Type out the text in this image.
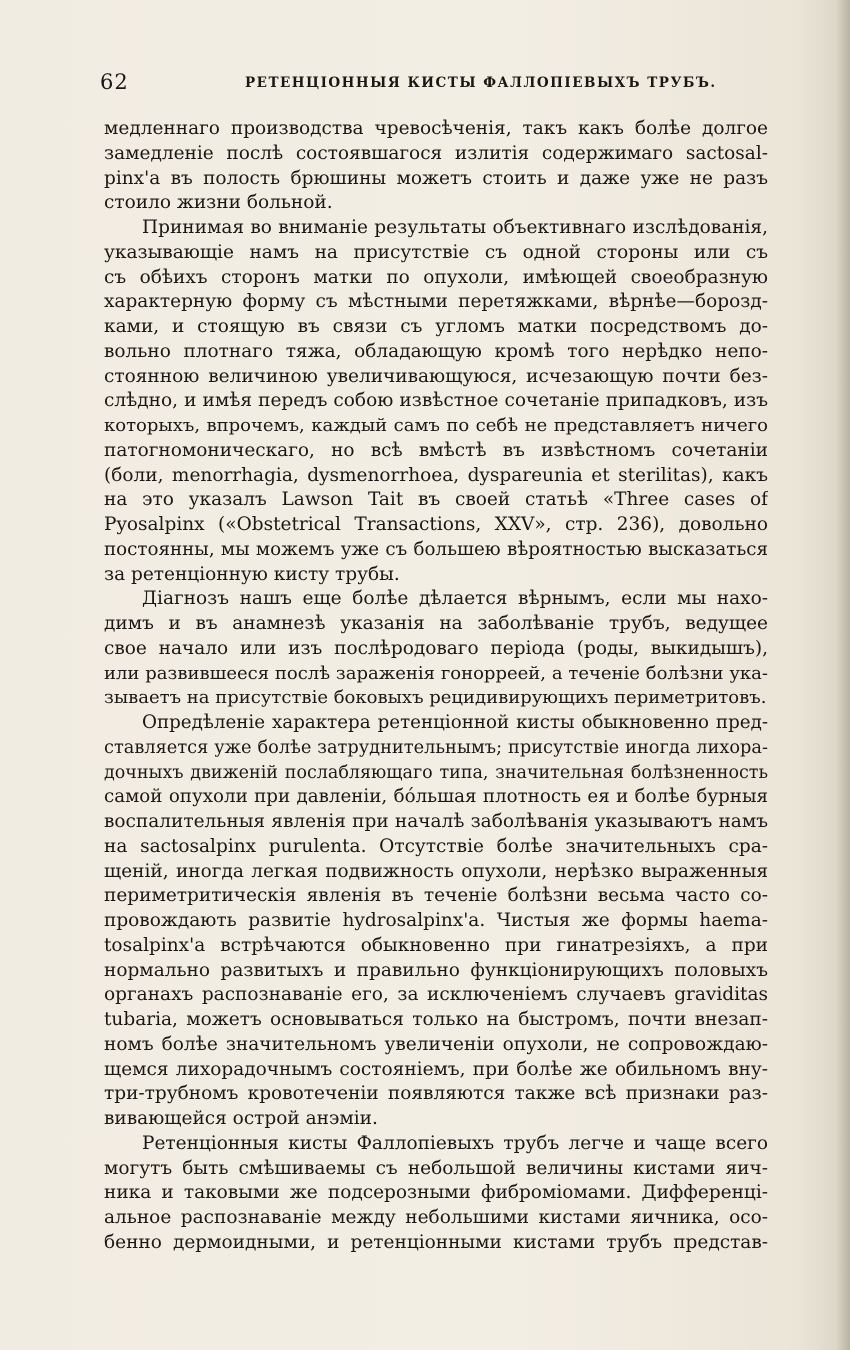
62	РЕТЕНЦІОННЫЯ КИСТЫ ФАЛЛОПІЕВЫХЪ ТРУБЪ.
медленнаго производства чревосѣченія, такъ какъ болѣе долгое
замедленіе послѣ состоявшагося излитія содержимаго sactosal-
pinx'а въ полость брюшины можетъ стоить и даже уже не разъ
стоило жизни больной.
Принимая во вниманіе результаты объективнаго изслѣдованія,
указывающіе намъ на присутствіе съ одной стороны или съ
съ обѣихъ сторонъ матки по опухоли, имѣющей своеобразную
характерную форму съ мѣстными перетяжками, вѣрнѣе—борозд-
ками, и стоящую въ связи съ угломъ матки посредствомъ до-
вольно плотнаго тяжа, обладающую кромѣ того нерѣдко непо-
стоянною величиною увеличивающуюся, исчезающую почти без-
слѣдно, и имѣя передъ собою извѣстное сочетаніе припадковъ, изъ
которыхъ, впрочемъ, каждый самъ по себѣ не представляетъ ничего
патогномоническаго, но всѣ вмѣстѣ въ извѣстномъ сочетаніи
(боли, menorrhagia, dysmenorrhoea, dyspareunia et sterilitas), какъ
на это указалъ Lawson Tait въ своей статьѣ «Three cases of
Pyosalpinx («Obstetrical Transactions, XXV», стр. 236), довольно
постоянны, мы можемъ уже съ большею вѣроятностью высказаться
за ретенціонную кисту трубы.
Діагнозъ нашъ еще болѣе дѣлается вѣрнымъ, если мы нахо-
димъ и въ анамнезѣ указанія на заболѣваніе трубъ, ведущее
свое начало или изъ послѣродоваго періода (роды, выкидышъ),
или развившееся послѣ зараженія гонорреей, а теченіе болѣзни ука-
зываетъ на присутствіе боковыхъ рецидивирующихъ периметритовъ.
Опредѣленіе характера ретенціонной кисты обыкновенно пред-
ставляется уже болѣе затруднительнымъ; присутствіе иногда лихора-
дочныхъ движеній послабляющаго типа, значительная болѣзненность
самой опухоли при давленіи, бо́льшая плотность ея и болѣе бурныя
воспалительныя явленія при началѣ заболѣванія указываютъ намъ
на sactosalpinx purulenta. Отсутствіе болѣе значительныхъ сра-
щеній, иногда легкая подвижность опухоли, нерѣзко выраженныя
периметритическія явленія въ теченіе болѣзни весьма часто со-
провождають развитіе hydrosalpinx'а. Чистыя же формы haema-
tosalpinx'а встрѣчаются обыкновенно при гинатрезіяхъ, а при
нормально развитыхъ и правильно функціонирующихъ половыхъ
органахъ распознаваніе его, за исключеніемъ случаевъ graviditas
tubaria, можетъ основываться только на быстромъ, почти внезап-
номъ болѣе значительномъ увеличеніи опухоли, не сопровождаю-
щемся лихорадочнымъ состояніемъ, при болѣе же обильномъ вну-
три-трубномъ кровотеченіи появляются также всѣ признаки раз-
вивающейся острой анэміи.
Ретенціонныя кисты Фаллопіевыхъ трубъ легче и чаще всего
могутъ быть смѣшиваемы съ небольшой величины кистами яич-
ника и таковыми же подсерозными фиброміомами. Дифференці-
альное распознаваніе между небольшими кистами яичника, осо-
бенно дермоидными, и ретенціонными кистами трубъ представ-
